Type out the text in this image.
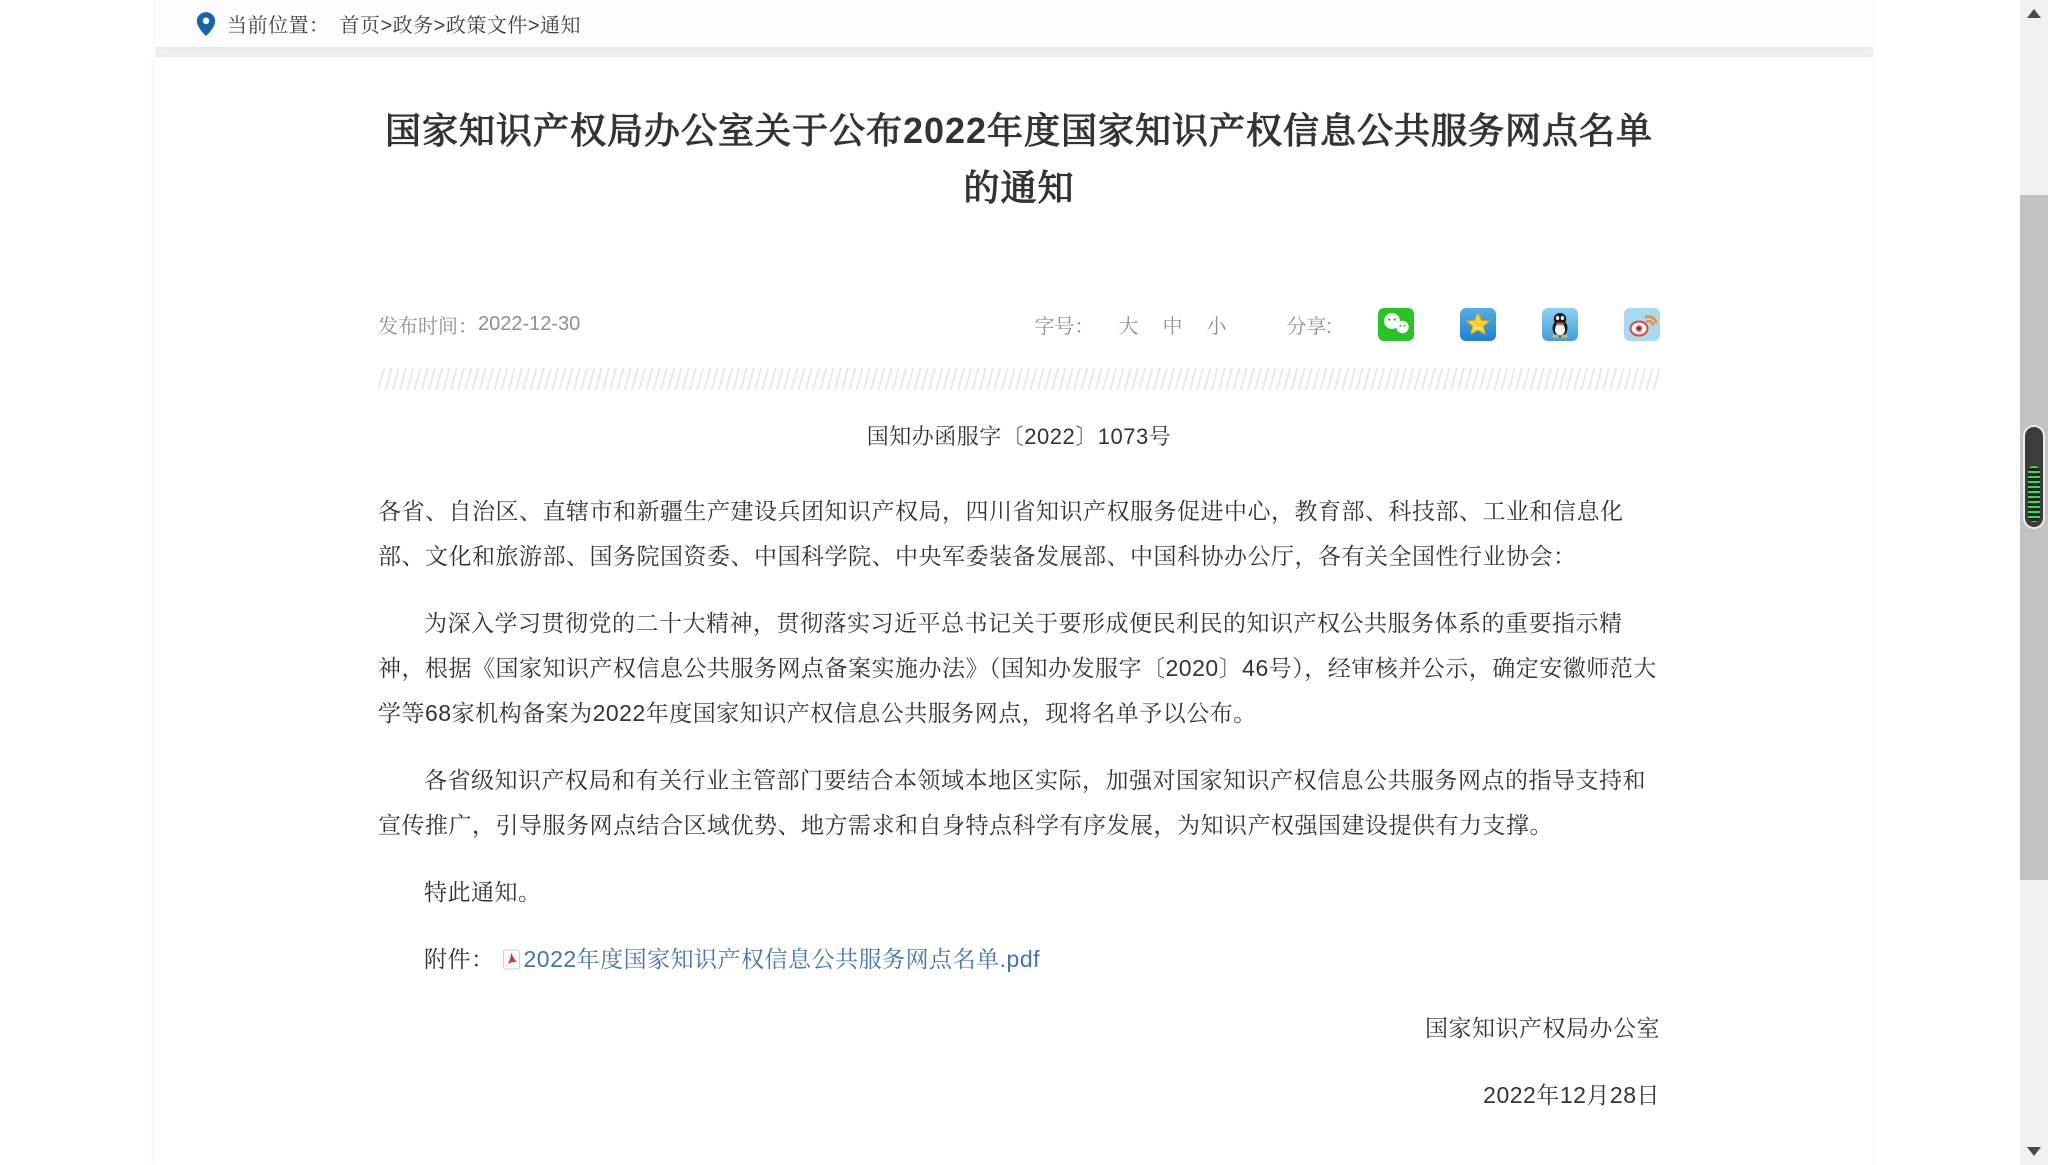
当前位置： 首页>政务>政策文件>通知
国家知识产权局办公室关于公布2022年度国家知识产权信息公共服务网点名单的通知
发布时间： 2022-12-30	字号： 大 中 小	分享:
国知办函服字〔2022〕1073号

各省、自治区、直辖市和新疆生产建设兵团知识产权局，四川省知识产权服务促进中心，教育部、科技部、工业和信息化部、文化和旅游部、国务院国资委、中国科学院、中央军委装备发展部、中国科协办公厅，各有关全国性行业协会：

为深入学习贯彻党的二十大精神，贯彻落实习近平总书记关于要形成便民利民的知识产权公共服务体系的重要指示精神，根据《国家知识产权信息公共服务网点备案实施办法》（国知办发服字〔2020〕46号），经审核并公示，确定安徽师范大学等68家机构备案为2022年度国家知识产权信息公共服务网点，现将名单予以公布。

各省级知识产权局和有关行业主管部门要结合本领域本地区实际，加强对国家知识产权信息公共服务网点的指导支持和宣传推广，引导服务网点结合区域优势、地方需求和自身特点科学有序发展，为知识产权强国建设提供有力支撑。

特此通知。

附件： 2022年度国家知识产权信息公共服务网点名单.pdf

国家知识产权局办公室
2022年12月28日
